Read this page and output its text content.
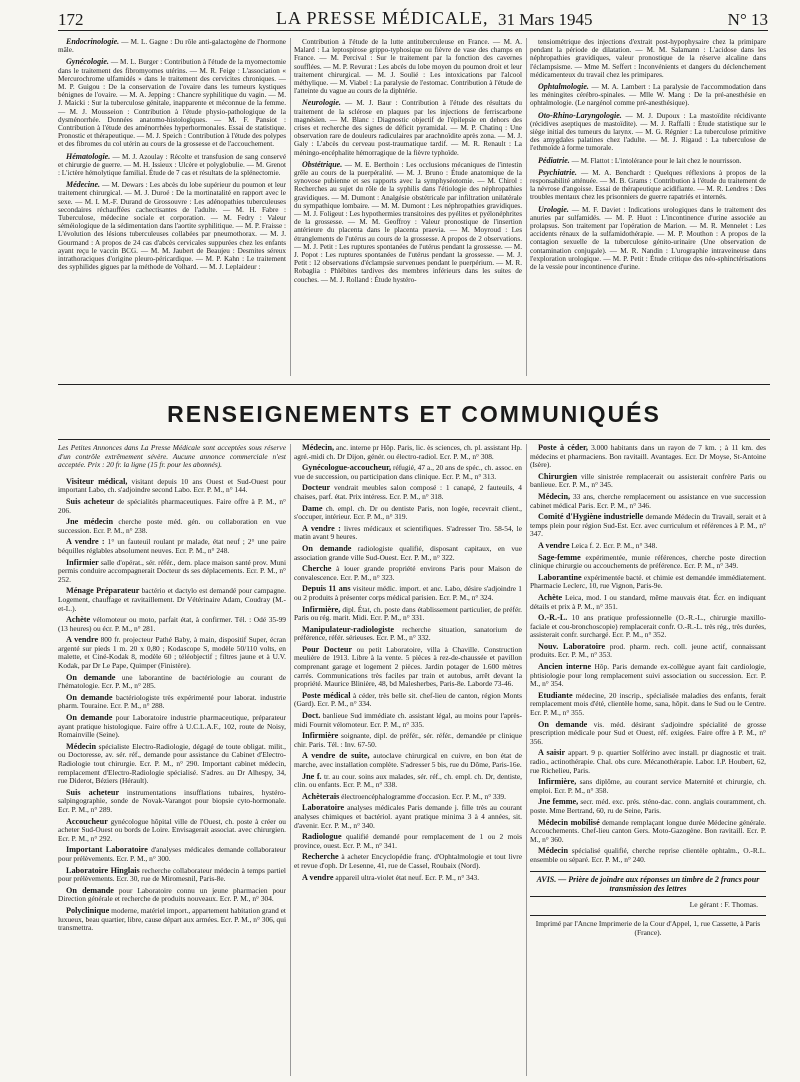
172	LA PRESSE MÉDICALE, 31 Mars 1945	N° 13

Endocrinologie. — M. L. Gagne : Du rôle anti-galactogène de l'hormone mâle.

Gynécologie. — M. L. Burger : Contribution à l'étude de la myomectomie dans le traitement des fibromyomes utérins. — M. R. Feige : L'association « Mercurochrome ulfamidés » dans le traitement des cervicites chroniques. — M. P. Guigou : De la conservation de l'ovaire dans les tumeurs kystiques bénignes de l'ovaire. — M. A. Jepping : Chancre syphilitique du vagin. — M. J. Maicki : Sur la tuberculose génitale, inapparente et méconnue de la femme. — M. J. Mousseion : Contribution à l'étude physio-pathologique de la dysménorrhée. Données anatomo-histologiques. — M. F. Pansiot : Contribution à l'étude des aménorrhées hyperhormonales. Essai de statistique. Pronostic et thérapeutique. — M. J. Speich : Contribution à l'étude des polypes et des fibromes du col utérin au cours de la grossesse et de l'accouchement.

Hématologie. — M. J. Azoulay : Récolte et transfusion de sang conservé et chirurgie de guerre. — M. H. Issieux : Ulcère et polyglobulie. — M. Grenot : L'ictère hémolytique familial. Étude de 7 cas et résultats de la splénectomie.

Médecine. — M. Dewars : Les abcès du lobe supérieur du poumon et leur traitement chirurgical. — M. J. Duroé : De la mortinatalité en rapport avec le sexe. — M. I. M.-F. Durand de Grossouvre : Les adénopathies tuberculeuses secondaires réchauffées cachectisantes de l'adulte. — M. H. Fabre : Tuberculose, médecine sociale et corporation. — M. Fedry : Valeur séméiologique de la sédimentation dans l'aortite syphilitique. — M. P. Fraisse : L'évolution des lésions tuberculeuses collabées par pneumothorax. — M. J. Gourmand : A propos de 24 cas d'abcès cervicales suppurées chez les enfants ayant reçu le vaccin BCG. — M. M. Jaubert de Beaujeu : Desmites séreux intrathoraciques d'origine pleuro-péricardique. — M. P. Kahn : Le traitement des syphilides gigues par la méthode de Volhard. — M. J. Leplaideur :

Contribution à l'étude de la lutte antituberculeuse en France. — M. A. Malard : La leptospirose grippo-typhosique ou fièvre de vase des champs en France. — M. Percival : Sur le traitement par la fonction des cavernes soufflées. — M. P. Revurat : Les abcès du lobe moyen du poumon droit et leur traitement chirurgical. — M. J. Soulié : Les intoxications par l'alcool méthylique. — M. Viabel : La paralysie de l'estomac. Contribution à l'étude de l'atteinte du vague au cours de la diphtérie.

Neurologie. — M. J. Baur : Contribution à l'étude des résultats du traitement de la sclérose en plaques par les injections de ferriscarbone magnésien. — M. Blanc : Diagnostic objectif de l'épilepsie en dehors des crises et recherche des signes de déficit pyramidal. — M. P. Chatinq : Une observation rare de douleurs radiculaires par arachnoïdite après zona. — M. J. Galy : L'abcès du cerveau post-traumatique tardif. — M. R. Renault : La méningo-encéphalite hémorragique de la fièvre typhoïde.

Obstétrique. — M. E. Berthoin : Les occlusions mécaniques de l'intestin grêle au cours de la puerpéralité. — M. J. Bruno : Étude anatomique de la synovose pubienne et ses rapports avec la symphyséotomie. — M. Chirol : Recherches au sujet du rôle de la syphilis dans l'étiologie des néphropathies gravidiques. — M. Dumont : Analgésie obstétricale par infiltration unilatérale du sympathique lombaire. — M. M. Dumont : Les néphropathies gravidiques. — M. J. Foligeut : Les hypothermies transitoires des pyélites et pyélonéphrites de la grossesse. — M. M. Geoffroy : Valeur pronostique de l'insertion antérieure du placenta dans le placenta praevia. — M. Moyroud : Les étranglements de l'utérus au cours de la grossesse. A propos de 2 observations. — M. J. Petit : Les ruptures spontanées de l'utérus pendant la grossesse. — M. J. Popot : Les ruptures spontanées de l'utérus pendant la grossesse. — M. J. Petit : 12 observations d'éclampsie survenues pendant le puerpérium. — M. R. Robaglia : Phlébites tardives des membres inférieurs dans les suites de couches. — M. J. Rolland : Étude hystéro-

tensiométrique des injections d'extrait post-hypophysaire chez la primipare pendant la période de dilatation. — M. M. Salamann : L'acidose dans les néphropathies gravidiques, valeur pronostique de la réserve alcaline dans l'éclampsisme. — Mme M. Seffert : Inconvénients et dangers du déclenchement médicamenteux du travail chez les primipares.

Ophtalmologie. — M. A. Lambert : La paralysie de l'accommodation dans les méningites cérébro-spinales. — Mlle W. Mang : De la pré-anesthésie en ophtalmologie. (Le nargénol comme pré-anesthésique).

Oto-Rhino-Laryngologie. — M. J. Dupoux : La mastoïdite récidivante (récidives aseptiques de mastoïdite). — M. J. Raffalli : Étude statistique sur le siège initial des tumeurs du larynx. — M. G. Régnier : La tuberculose primitive des amygdales palatines chez l'adulte. — M. J. Rigaud : La tuberculose de l'ethmoïde à forme tumorale.

Pédiatrie. — M. Flattot : L'intolérance pour le lait chez le nourrisson.

Psychiatrie. — M. A. Benchardt : Quelques réflexions à propos de la responsabilité atténuée. — M. B. Grams : Contribution à l'étude du traitement de la névrose d'angoisse. Essai de thérapeutique acidifiante. — M. R. Lendres : Des troubles mentaux chez les prisonniers de guerre rapatriés et internés.

Urologie. — M. F. Daviet : Indications urologiques dans le traitement des anuries par sulfamidés. — M. P. Huot : L'incontinence d'urine associée au prolapsus. Son traitement par l'opération de Marion. — M. R. Mennelet : Les accidents rénaux de la sulfamidothérapie. — M. P. Mouthon : A propos de la contagion sexuelle de la tuberculose génito-urinaire (Une observation de contamination conjugale). — M. R. Nandin : L'urographie intraveineuse dans l'exploration urologique. — M. P. Petit : Étude critique des néo-sphinctérisations de la vessie pour incontinence d'urine.

RENSEIGNEMENTS ET COMMUNIQUÉS

Les Petites Annonces dans La Presse Médicale sont acceptées sous réserve d'un contrôle extrêmement sévère. Aucune annonce commerciale n'est acceptée. Prix : 20 fr. la ligne (15 fr. pour les abonnés).

Visiteur médical, visitant depuis 10 ans Ouest et Sud-Ouest pour important Labo, ch. s'adjoindre second Labo. Ecr. P. M., n° 144.

Suis acheteur de spécialités pharmaceutiques. Faire offre à P. M., n° 206.

Jne médecin cherche poste méd. gén. ou collaboration en vue succession. Ecr. P. M., n° 238.

A vendre : 1° un fauteuil roulant pr malade, état neuf ; 2° une paire béquilles réglables absolument neuves. Ecr. P. M., n° 248.

Infirmier salle d'opérat., sér. référ., dem. place maison santé prov. Muni permis conduire accompagnerait Docteur ds ses déplacements. Ecr. P. M., n° 252.

Ménage Préparateur bactério et dactylo est demandé pour campagne. Logement, chauffage et ravitaillement. Dr Vétérinaire Adam, Coudray (M.-et-L.).

Achète vélomoteur ou moto, parfait état, à confirmer. Tél. : Odé 35-99 (13 heures) ou écr. P. M., n° 281.

A vendre 800 fr. projecteur Pathé Baby, à main, dispositif Super, écran argenté sur pieds 1 m. 20 x 0,80 ; Kodascope S, modèle 50/110 volts, en malette, et Ciné-Kodak 8, modèle 60 ; téléobjectif ; filtres jaune et à U.V. Kodak, par Dr Le Pape, Quimper (Finistère).

On demande une laborantine de bactériologie au courant de l'hématologie. Ecr. P. M., n° 285.

On demande bactériologiste très expérimenté pour laborat. industrie pharm. Touraine. Ecr. P. M., n° 288.

On demande pour Laboratoire industrie pharmaceutique, préparateur ayant pratique histologique. Faire offre à U.C.L.A.F., 102, route de Noisy, Romainville (Seine).

Médecin spécialiste Electro-Radiologie, dégagé de toute obligat. milit., ou Doctoresse, av. sér. réf., demande pour assistance du Cabinet d'Electro-Radiologie tout chirurgie. Ecr. P. M., n° 290. Important cabinet médecin, remplacement d'Electro-Radiologie spécialisé. S'adres. au Dr Alhespy, 34, rue Diderot, Béziers (Hérault).

Suis acheteur instrumentations insufflations tubaires, hystéro-salpingographie, sonde de Novak-Varangot pour biopsie cyto-hormonale. Ecr. P. M., n° 289.

Accoucheur gynécologue hôpital ville de l'Ouest, ch. poste à créer ou acheter Sud-Ouest ou bords de Loire. Envisagerait associat. avec chirurgien. Ecr. P. M., n° 292.

Important Laboratoire d'analyses médicales demande collaborateur pour prélèvements. Ecr. P. M., n° 300.

Laboratoire Hinglais recherche collaborateur médecin à temps partiel pour prélèvements. Ecr. 30, rue de Miromesnil, Paris-8e.

On demande pour Laboratoire connu un jeune pharmacien pour Direction générale et recherche de produits nouveaux. Ecr. P. M., n° 304.

Polyclinique moderne, matériel import., appartement habitation grand et luxueux, beau quartier, libre, cause départ aux armées. Ecr. P. M., n° 306, qui transmettra.

Médecin, anc. interne pr Hôp. Paris, lic. ès sciences, ch. pl. assistant Hp. agré.-midi ch. Dr Dijon, génér. ou électro-radiol. Ecr. P. M., n° 308.

Gynécologue-accoucheur, réfugié, 47 a., 20 ans de spéc., ch. assoc. en vue de succession, ou participation dans clinique. Ecr. P. M., n° 313.

Docteur vendrait meubles salon composé : 1 canapé, 2 fauteuils, 4 chaises, parf. état. Prix intéress. Ecr. P. M., n° 318.

Dame ch. empl. ch. Dr ou dentiste Paris, non logée, recevrait client., s'occuper, intérieur. Ecr. P. M., n° 319.

A vendre : livres médicaux et scientifiques. S'adresser Tro. 58-54, le matin avant 9 heures.

On demande radiologiste qualifié, disposant capitaux, en vue association grande ville Sud-Ouest. Ecr. P. M., n° 322.

Cherche à louer grande propriété environs Paris pour Maison de convalescence. Ecr. P. M., n° 323.

Depuis 11 ans visiteur médic. import. et anc. Labo, désire s'adjoindre 1 ou 2 produits à présenter corps médical parisien. Ecr. P. M., n° 324.

Infirmière, dipl. État, ch. poste dans établissement particulier, de préfér. Paris ou rég. marit. Midi. Ecr. P. M., n° 331.

Manipulateur-radiologiste recherche situation, sanatorium de préférence, référ. sérieuses. Ecr. P. M., n° 332.

Pour Docteur ou petit Laboratoire, villa à Chaville. Construction meulière de 1913. Libre à la vente. 5 pièces à rez-de-chaussée et pavillon comprenant garage et logement 2 pièces. Jardin potager de 1.600 mètres carrés. Communications très faciles par train et autobus, arrêt devant la propriété. Maurice Blinière, 48, bd Malesherbes, Paris-8e. Laborde 73-46.

Poste médical à céder, très belle sit. chef-lieu de canton, région Monts (Gard). Ecr. P. M., n° 334.

Doct. banlieue Sud immédiate ch. assistant légal, au moins pour l'après-midi Fournit vélomoteur. Ecr. P. M., n° 335.

Infirmière soignante, dipl. de préfér., sér. référ., demandée pr clinique chir. Paris. Tél. : Inv. 67-50.

A vendre de suite, autoclave chirurgical en cuivre, en bon état de marche, avec installation complète. S'adresser 5 bis, rue du Dôme, Paris-16e.

Jne f. tr. au cour. soins aux malades, sér. réf., ch. empl. ch. Dr, dentiste, clin. ou enfants. Ecr. P. M., n° 338.

Achèterais électroencéphalogramme d'occasion. Ecr. P. M., n° 339.

Laboratoire analyses médicales Paris demande j. fille très au courant analyses chimiques et bactériol. ayant pratique minima 3 à 4 années, sit. d'avenir. Ecr. P. M., n° 340.

Radiologue qualifié demandé pour remplacement de 1 ou 2 mois province, ouest. Ecr. P. M., n° 341.

Recherche à acheter Encyclopédie franç. d'Ophtalmologie et tout livre et revue d'oph. Dr Lesenne, 41, rue de Cassel, Roubaix (Nord).

A vendre appareil ultra-violet état neuf. Ecr. P. M., n° 343.

Poste à céder, 3.000 habitants dans un rayon de 7 km. ; à 11 km. des médecins et pharmaciens. Bon ravitaill. Avantages. Ecr. Dr Moyse, St-Antoine (Isère).

Chirurgien ville sinistrée remplacerait ou assisterait confrère Paris ou banlieue. Ecr. P. M., n° 345.

Médecin, 33 ans, cherche remplacement ou assistance en vue succession cabinet médical Paris. Ecr. P. M., n° 346.

Comité d'Hygiène industrielle demande Médecin du Travail, serait et à temps plein pour région Sud-Est. Ecr. avec curriculum et références à P. M., n° 347.

A vendre Leica f. 2. Ecr. P. M., n° 348.

Sage-femme expérimentée, munie références, cherche poste direction clinique chirurgie ou accouchements de préférence. Ecr. P. M., n° 349.

Laborantine expérimentée bacté. et chimie est demandée immédiatement. Pharmacie Leclerc, 10, rue Vignon, Paris-9e.

Achète Leica, mod. I ou standard, même mauvais état. Écr. en indiquant détails et prix à P. M., n° 351.

O.-R.-L. 10 ans pratique professionnelle (O.-R.-L., chirurgie maxillo-faciale et cou-bronchoscopie) remplacerait confr. O.-R.-L. très rég., très durées, assisterait confr. surchargé. Ecr. P. M., n° 352.

Nouv. Laboratoire prod. pharm. rech. coll. jeune actif, connaissant produits. Ecr. P. M., n° 353.

Ancien interne Hôp. Paris demande ex-collègue ayant fait cardiologie, phtisiologie pour long remplacement suivi association ou succession. Ecr. P. M., n° 354.

Etudiante médecine, 20 inscrip., spécialisée maladies des enfants, ferait remplacement mois d'été, clientèle home, sana, hôpit. dans le Sud ou le Centre. Ecr. P. M., n° 355.

On demande vis. méd. désirant s'adjoindre spécialité de grosse prescription médicale pour Sud et Ouest, réf. exigées. Faire offre à P. M., n° 356.

A saisir appart. 9 p. quartier Solférino avec install. pr diagnostic et trait. radio., actinothérapie. Chal. obs cure. Mécanothérapie. Labor. I.P. Houbert, 62, rue Richelieu, Paris.

Infirmière, sans diplôme, au courant service Maternité et chirurgie, ch. emploi. Ecr. P. M., n° 358.

Jne femme, secr. méd. exc. prés. sténo-dac. conn. anglais couramment, ch. poste. Mme Bertrand, 60, ru de Seine, Paris.

Médecin mobilisé demande remplaçant longue durée Médecine générale. Accouchements. Chef-lieu canton Gers. Moto-Gazogène. Bon ravitaill. Ecr. P. M., n° 360.

Médecin spécialisé qualifié, cherche reprise clientèle ophtalm., O.-R.L. ensemble ou séparé. Ecr. P. M., n° 240.

AVIS. — Prière de joindre aux réponses un timbre de 2 francs pour transmission des lettres
Le gérant : F. Thomas.
Imprimé par l'Ancne Imprimerie de la Cour d'Appel, 1, rue Cassette, à Paris (France).
